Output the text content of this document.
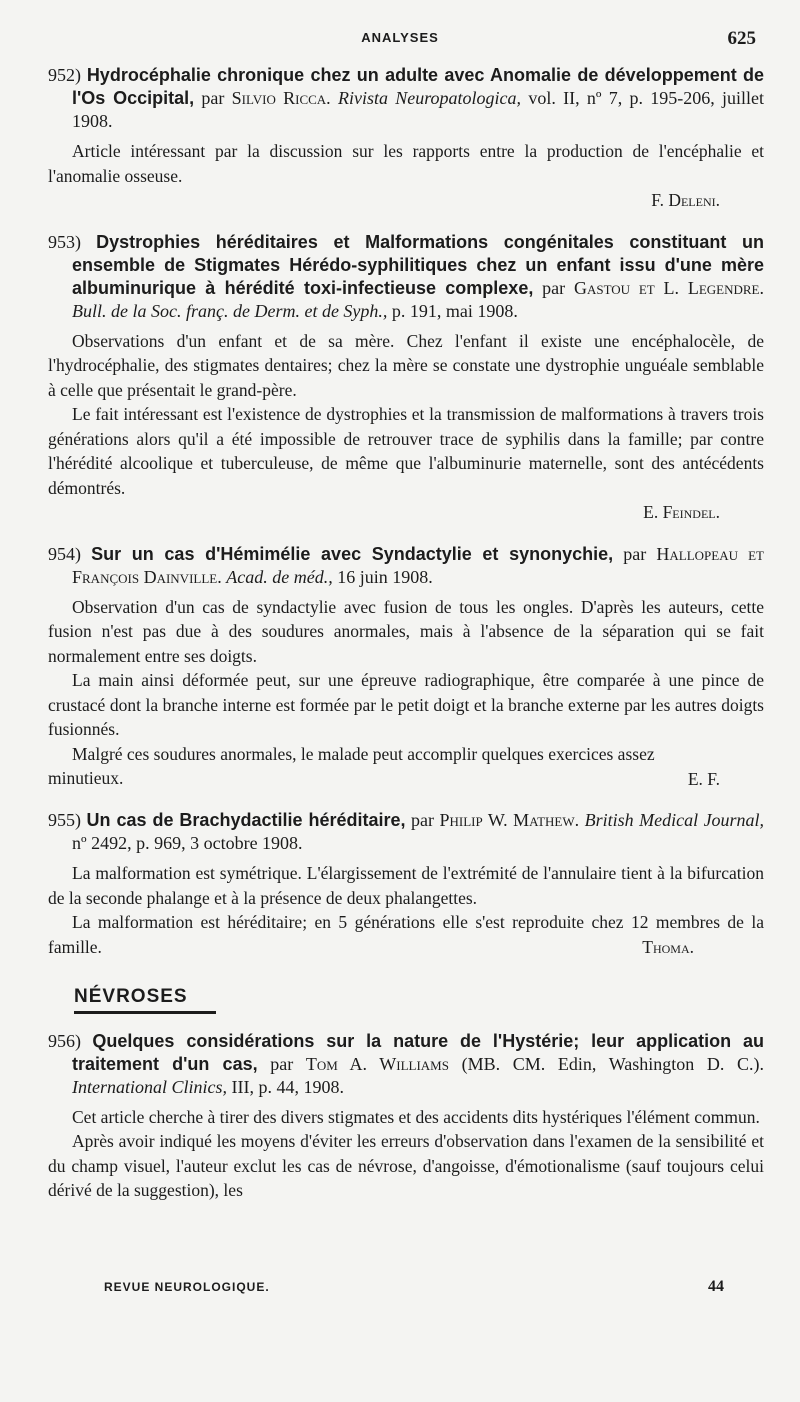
ANALYSES	625

952) Hydrocéphalie chronique chez un adulte avec Anomalie de développement de l'Os Occipital, par Silvio Ricca. Rivista Neuropatologica, vol. II, nº 7, p. 195-206, juillet 1908.

Article intéressant par la discussion sur les rapports entre la production de l'encéphalie et l'anomalie osseuse.
F. Deleni.

953) Dystrophies héréditaires et Malformations congénitales constituant un ensemble de Stigmates Hérédo-syphilitiques chez un enfant issu d'une mère albuminurique à hérédité toxi-infectieuse complexe, par Gastou et L. Legendre. Bull. de la Soc. franç. de Derm. et de Syph., p. 191, mai 1908.

Observations d'un enfant et de sa mère. Chez l'enfant il existe une encéphalocèle, de l'hydrocéphalie, des stigmates dentaires; chez la mère se constate une dystrophie unguéale semblable à celle que présentait le grand-père.

Le fait intéressant est l'existence de dystrophies et la transmission de malformations à travers trois générations alors qu'il a été impossible de retrouver trace de syphilis dans la famille; par contre l'hérédité alcoolique et tuberculeuse, de même que l'albuminurie maternelle, sont des antécédents démontrés.

E. Feindel.

954) Sur un cas d'Hémimélie avec Syndactylie et synonychie, par Hallopeau et François Dainville. Acad. de méd., 16 juin 1908.

Observation d'un cas de syndactylie avec fusion de tous les ongles. D'après les auteurs, cette fusion n'est pas due à des soudures anormales, mais à l'absence de la séparation qui se fait normalement entre ses doigts.

La main ainsi déformée peut, sur une épreuve radiographique, être comparée à une pince de crustacé dont la branche interne est formée par le petit doigt et la branche externe par les autres doigts fusionnés.

Malgré ces soudures anormales, le malade peut accomplir quelques exercices assez minutieux.	E. F.

955) Un cas de Brachydactilie héréditaire, par Philip W. Mathew. British Medical Journal, nº 2492, p. 969, 3 octobre 1908.

La malformation est symétrique. L'élargissement de l'extrémité de l'annulaire tient à la bifurcation de la seconde phalange et à la présence de deux phalangettes.

La malformation est héréditaire; en 5 générations elle s'est reproduite chez 12 membres de la famille.	Thoma.
NÉVROSES

956) Quelques considérations sur la nature de l'Hystérie; leur application au traitement d'un cas, par Tom A. Williams (MB. CM. Edin, Washington D. C.). International Clinics, III, p. 44, 1908.

Cet article cherche à tirer des divers stigmates et des accidents dits hystériques l'élément commun.

Après avoir indiqué les moyens d'éviter les erreurs d'observation dans l'examen de la sensibilité et du champ visuel, l'auteur exclut les cas de névrose, d'angoisse, d'émotionalisme (sauf toujours celui dérivé de la suggestion), les

REVUE NEUROLOGIQUE.	44
